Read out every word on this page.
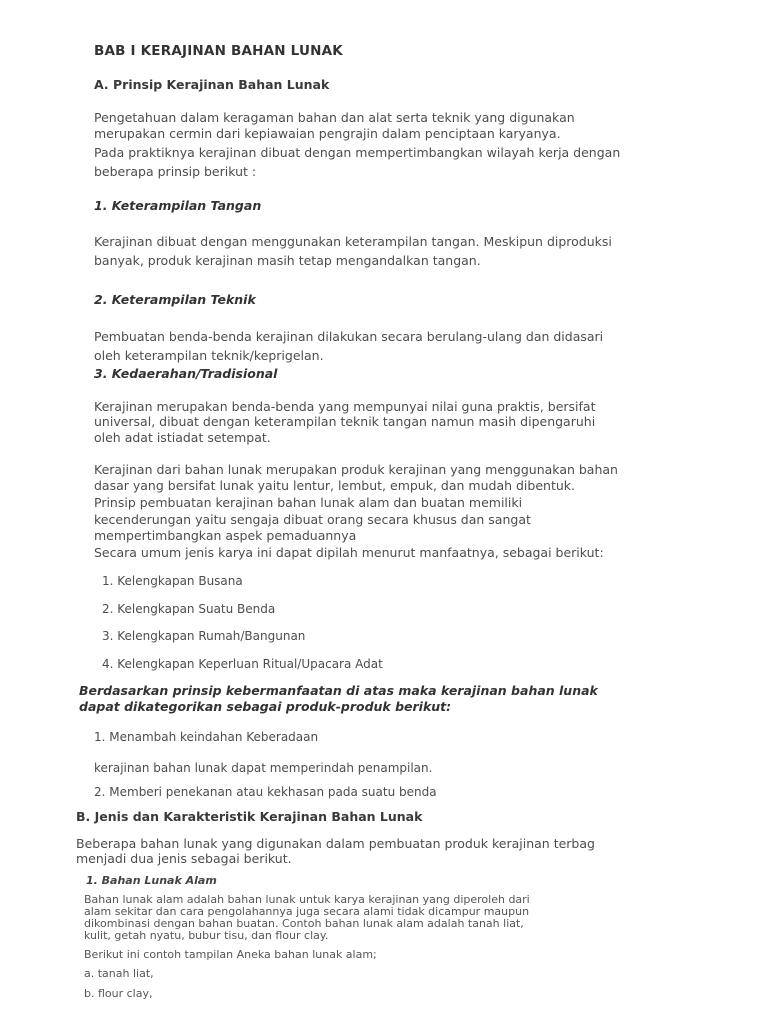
BAB I KERAJINAN BAHAN LUNAK
A. Prinsip Kerajinan Bahan Lunak
Pengetahuan dalam keragaman bahan dan alat serta teknik yang digunakan
merupakan cermin dari kepiawaian pengrajin dalam penciptaan karyanya.
Pada praktiknya kerajinan dibuat dengan mempertimbangkan wilayah kerja dengan
beberapa prinsip berikut :
1. Keterampilan Tangan
Kerajinan dibuat dengan menggunakan keterampilan tangan. Meskipun diproduksi
banyak, produk kerajinan masih tetap mengandalkan tangan.
2. Keterampilan Teknik
Pembuatan benda-benda kerajinan dilakukan secara berulang-ulang dan didasari
oleh keterampilan teknik/keprigelan.
3. Kedaerahan/Tradisional
Kerajinan merupakan benda-benda yang mempunyai nilai guna praktis, bersifat
universal, dibuat dengan keterampilan teknik tangan namun masih dipengaruhi
oleh adat istiadat setempat.
Kerajinan dari bahan lunak merupakan produk kerajinan yang menggunakan bahan
dasar yang bersifat lunak yaitu lentur, lembut, empuk, dan mudah dibentuk.
Prinsip pembuatan kerajinan bahan lunak alam dan buatan memiliki
kecenderungan yaitu sengaja dibuat orang secara khusus dan sangat
mempertimbangkan aspek pemaduannya
Secara umum jenis karya ini dapat dipilah menurut manfaatnya, sebagai berikut:
1. Kelengkapan Busana
2. Kelengkapan Suatu Benda
3. Kelengkapan Rumah/Bangunan
4. Kelengkapan Keperluan Ritual/Upacara Adat
Berdasarkan prinsip kebermanfaatan di atas maka kerajinan bahan lunak
dapat dikategorikan sebagai produk-produk berikut:
1. Menambah keindahan Keberadaan
kerajinan bahan lunak dapat memperindah penampilan.
2. Memberi penekanan atau kekhasan pada suatu benda
B. Jenis dan Karakteristik Kerajinan Bahan Lunak
Beberapa bahan lunak yang digunakan dalam pembuatan produk kerajinan terbag
menjadi dua jenis sebagai berikut.
1. Bahan Lunak Alam
Bahan lunak alam adalah bahan lunak untuk karya kerajinan yang diperoleh dari
alam sekitar dan cara pengolahannya juga secara alami tidak dicampur maupun
dikombinasi dengan bahan buatan. Contoh bahan lunak alam adalah tanah liat,
kulit, getah nyatu, bubur tisu, dan flour clay.
Berikut ini contoh tampilan Aneka bahan lunak alam;
a. tanah liat,
b. flour clay,
